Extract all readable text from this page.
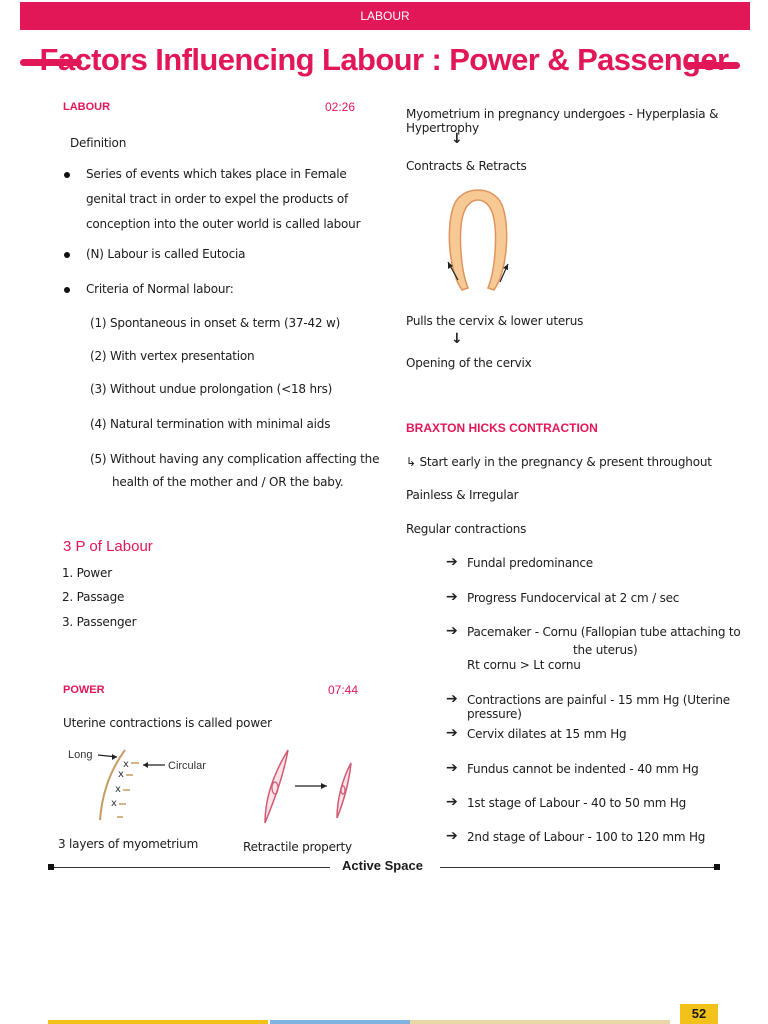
LABOUR
Factors Influencing Labour : Power & Passenger
LABOUR	02:26
Definition
Series of events which takes place in Female
genital tract in order to expel the products of
conception into the outer world is called labour
(N) Labour is called Eutocia
Criteria of Normal labour:
(1) Spontaneous in onset & term (37-42 w)
(2) With vertex presentation
(3) Without undue prolongation (<18 hrs)
(4) Natural termination with minimal aids
(5) Without having any complication affecting the
health of the mother and / OR the baby.
3 P of Labour
1. Power
2. Passage
3. Passenger
POWER	07:44
Uterine contractions is called power
Long
Circular
x
x
x
x
3 layers of myometrium	Retractile property
Myometrium in pregnancy undergoes - Hyperplasia & Hypertrophy
↓
Contracts & Retracts
Pulls the cervix & lower uterus
↓
Opening of the cervix
BRAXTON HICKS CONTRACTION
↳ Start early in the pregnancy & present throughout
Painless & Irregular
Regular contractions
➔ Fundal predominance
➔ Progress Fundocervical at 2 cm / sec
➔ Pacemaker - Cornu (Fallopian tube attaching to
the uterus)
Rt cornu > Lt cornu
➔ Contractions are painful - 15 mm Hg (Uterine pressure)
➔ Cervix dilates at 15 mm Hg
➔ Fundus cannot be indented - 40 mm Hg
➔ 1st stage of Labour - 40 to 50 mm Hg
➔ 2nd stage of Labour - 100 to 120 mm Hg
Active Space
52
